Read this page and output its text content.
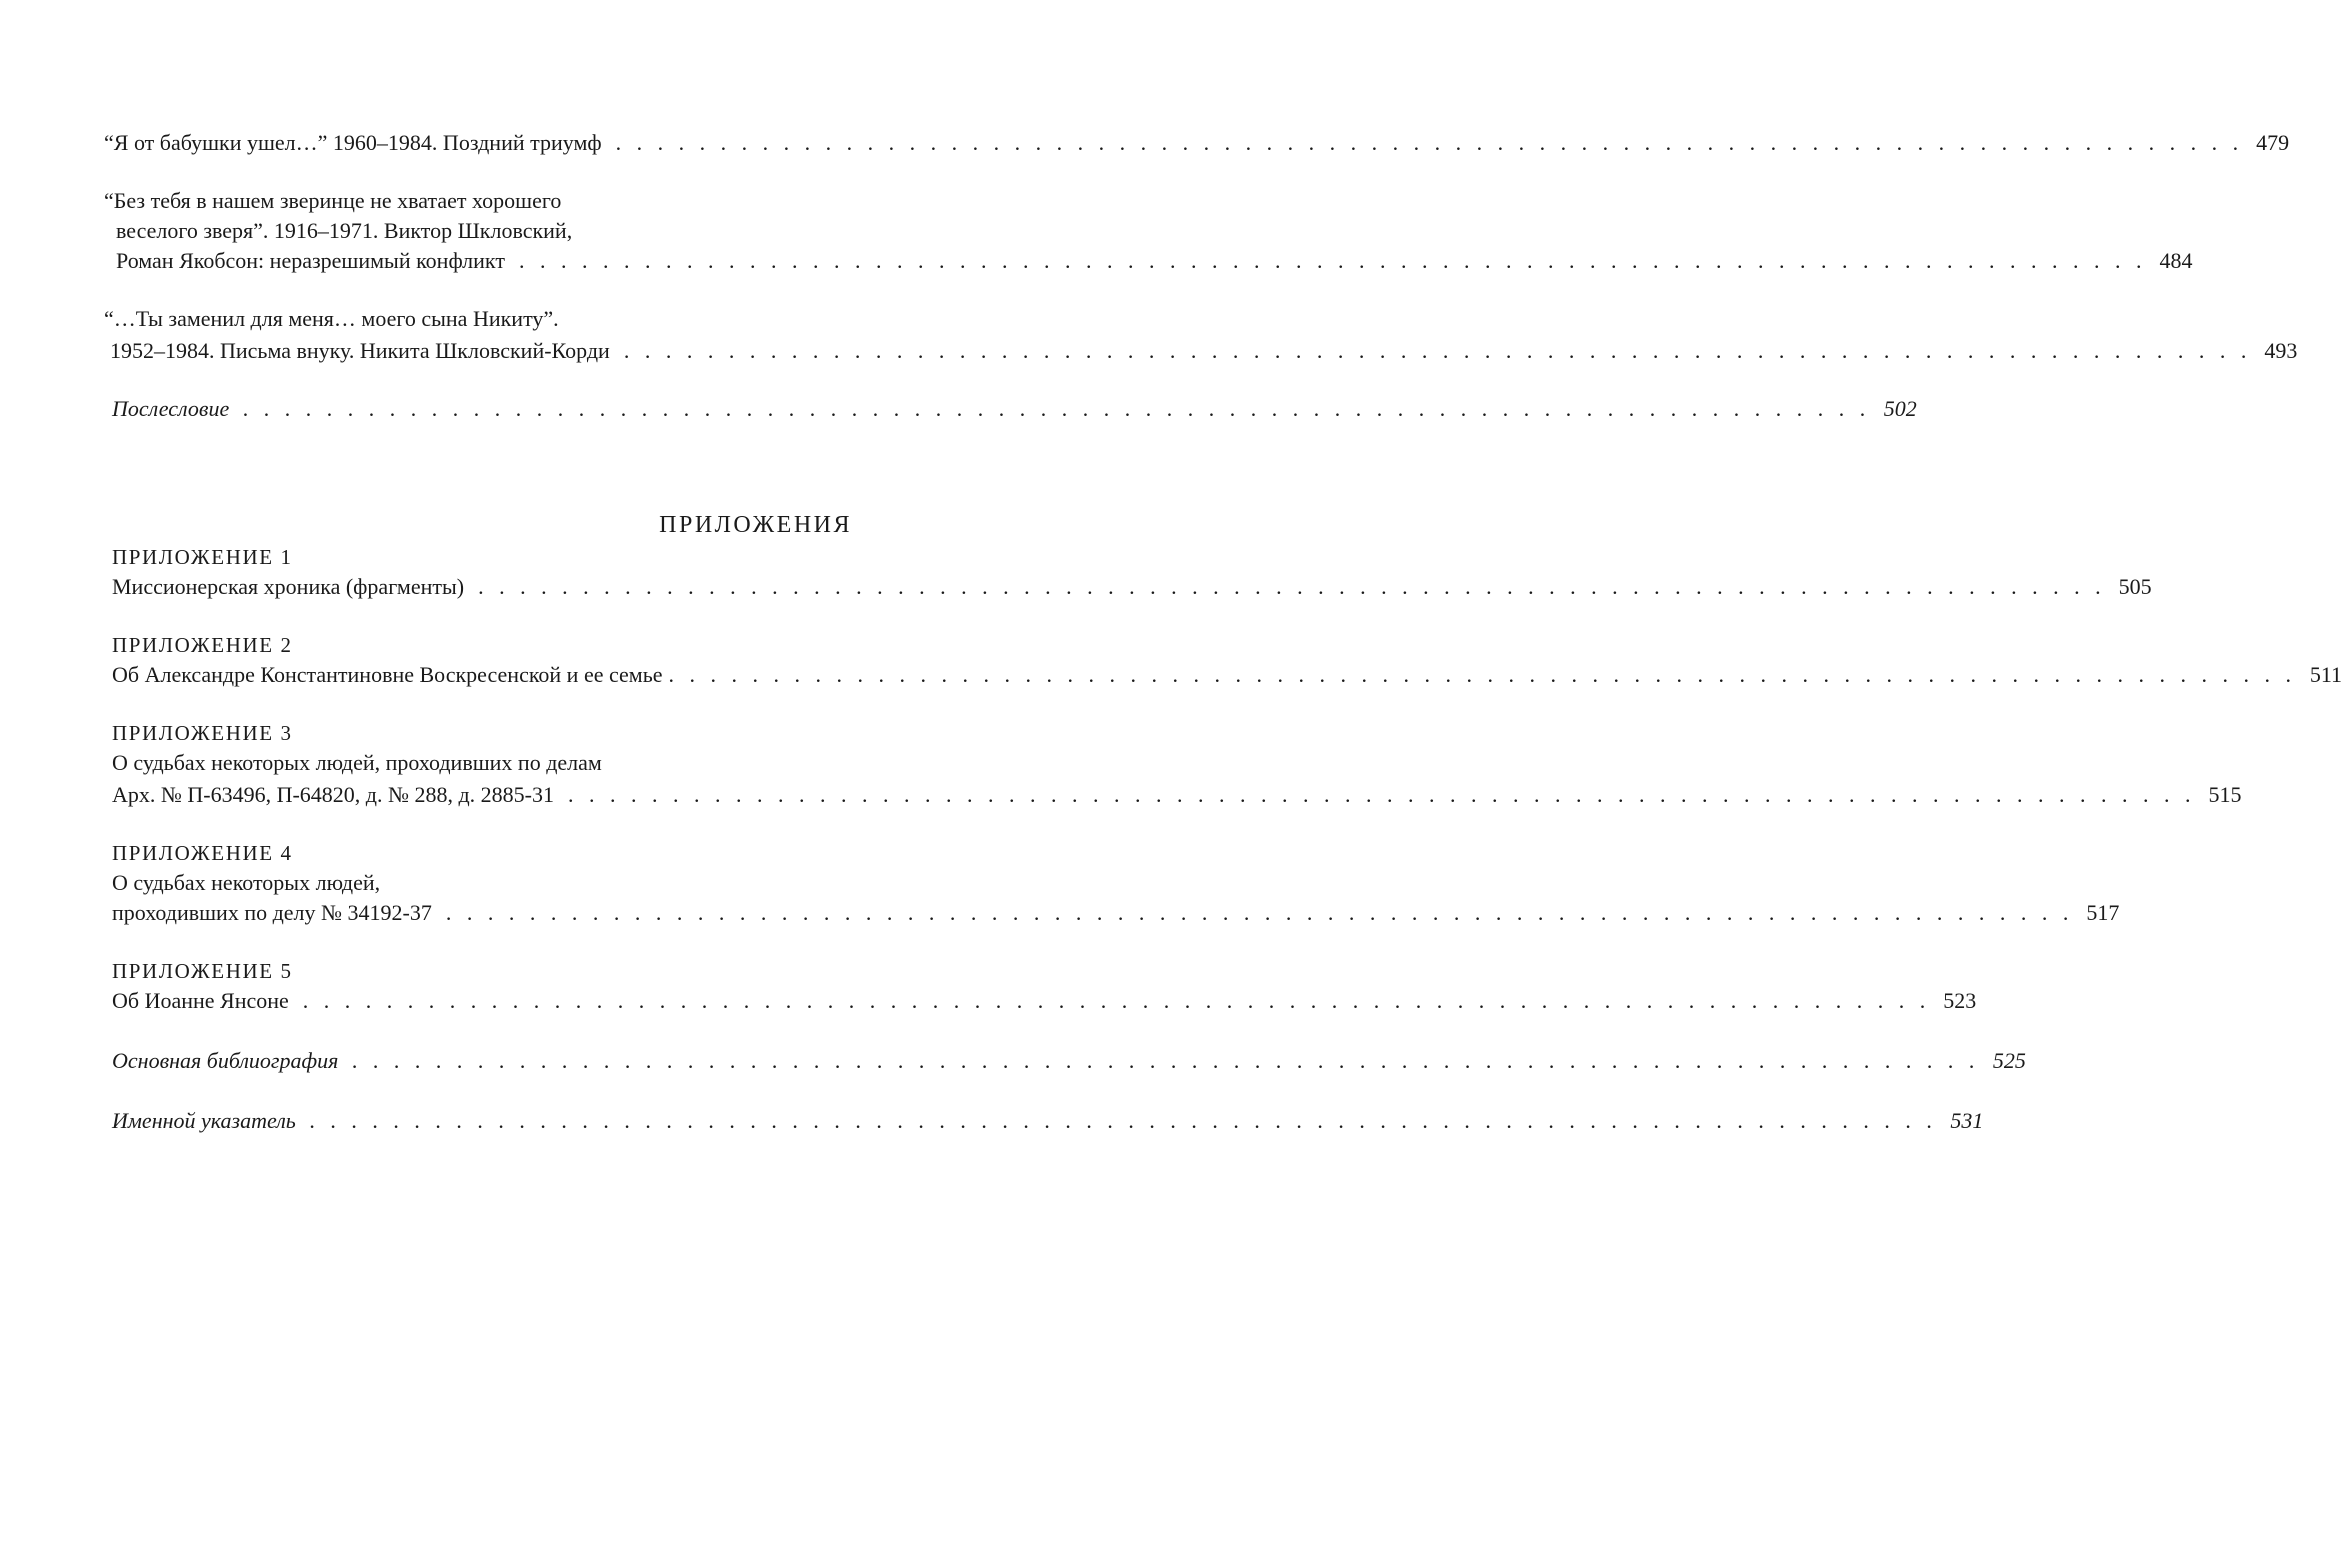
“Я от бабушки ушел…” 1960–1984. Поздний триумф . . . . . . . . . . . . . . . . . . . . . . . . . . . . . . . . . . . . . . . . . . . . . . . . . . . . . . . . . . . . . . . . . . . . . . . . . . . . . . 479
“Без тебя в нашем зверинце не хватает хорошего
веселого зверя”. 1916–1971. Виктор Шкловский,
Роман Якобсон: неразрешимый конфликт . . . . . . . . . . . . . . . . . . . . . . . . . . . . . . . . . . . . . . . . . . . . . . . . . . . . . . . . . . . . . . . . . . . . . . . . . . . . . . 484
“…Ты заменил для меня… моего сына Никиту”.
1952–1984. Письма внуку. Никита Шкловский-Корди . . . . . . . . . . . . . . . . . . . . . . . . . . . . . . . . . . . . . . . . . . . . . . . . . . . . . . . . . . . . . . . . . . . . . . . . . . . . . . 493
Послесловие . . . . . . . . . . . . . . . . . . . . . . . . . . . . . . . . . . . . . . . . . . . . . . . . . . . . . . . . . . . . . . . . . . . . . . . . . . . . . . 502
ПРИЛОЖЕНИЯ
ПРИЛОЖЕНИЕ 1
Миссионерская хроника (фрагменты) . . . . . . . . . . . . . . . . . . . . . . . . . . . . . . . . . . . . . . . . . . . . . . . . . . . . . . . . . . . . . . . . . . . . . . . . . . . . . . 505
ПРИЛОЖЕНИЕ 2
Об Александре Константиновне Воскресенской и ее семье . . . . . . . . . . . . . . . . . . . . . . . . . . . . . . . . . . . . . . . . . . . . . . . . . . . . . . . . . . . . . . . . . . . . . . . . . . . . . . 511
ПРИЛОЖЕНИЕ 3
О судьбах некоторых людей, проходивших по делам
Арх. № П-63496, П-64820, д. № 288, д. 2885-31 . . . . . . . . . . . . . . . . . . . . . . . . . . . . . . . . . . . . . . . . . . . . . . . . . . . . . . . . . . . . . . . . . . . . . . . . . . . . . . 515
ПРИЛОЖЕНИЕ 4
О судьбах некоторых людей,
проходивших по делу № 34192-37 . . . . . . . . . . . . . . . . . . . . . . . . . . . . . . . . . . . . . . . . . . . . . . . . . . . . . . . . . . . . . . . . . . . . . . . . . . . . . . 517
ПРИЛОЖЕНИЕ 5
Об Иоанне Янсоне . . . . . . . . . . . . . . . . . . . . . . . . . . . . . . . . . . . . . . . . . . . . . . . . . . . . . . . . . . . . . . . . . . . . . . . . . . . . . . 523
Основная библиография . . . . . . . . . . . . . . . . . . . . . . . . . . . . . . . . . . . . . . . . . . . . . . . . . . . . . . . . . . . . . . . . . . . . . . . . . . . . . . 525
Именной указатель . . . . . . . . . . . . . . . . . . . . . . . . . . . . . . . . . . . . . . . . . . . . . . . . . . . . . . . . . . . . . . . . . . . . . . . . . . . . . . 531
